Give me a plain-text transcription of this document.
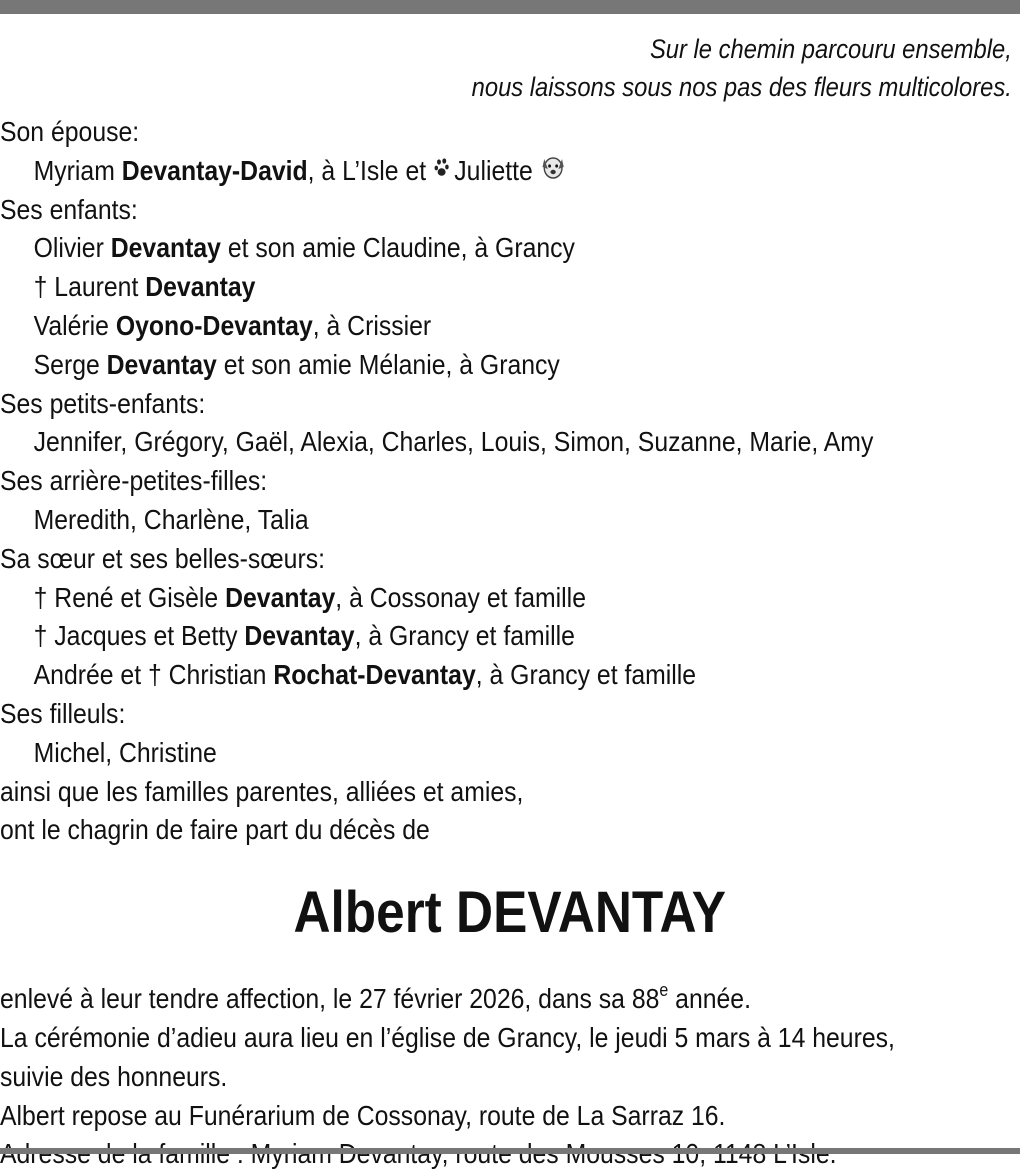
Sur le chemin parcouru ensemble,
nous laissons sous nos pas des fleurs multicolores.
Son épouse:
Myriam Devantay-David, à L’Isle et Juliette
Ses enfants:
Olivier Devantay et son amie Claudine, à Grancy
† Laurent Devantay
Valérie Oyono-Devantay, à Crissier
Serge Devantay et son amie Mélanie, à Grancy
Ses petits-enfants:
Jennifer, Grégory, Gaël, Alexia, Charles, Louis, Simon, Suzanne, Marie, Amy
Ses arrière-petites-filles:
Meredith, Charlène, Talia
Sa sœur et ses belles-sœurs:
† René et Gisèle Devantay, à Cossonay et famille
† Jacques et Betty Devantay, à Grancy et famille
Andrée et † Christian Rochat-Devantay, à Grancy et famille
Ses filleuls:
Michel, Christine
ainsi que les familles parentes, alliées et amies,
ont le chagrin de faire part du décès de
Albert DEVANTAY
enlevé à leur tendre affection, le 27 février 2026, dans sa 88e année.
La cérémonie d’adieu aura lieu en l’église de Grancy, le jeudi 5 mars à 14 heures,
suivie des honneurs.
Albert repose au Funérarium de Cossonay, route de La Sarraz 16.
